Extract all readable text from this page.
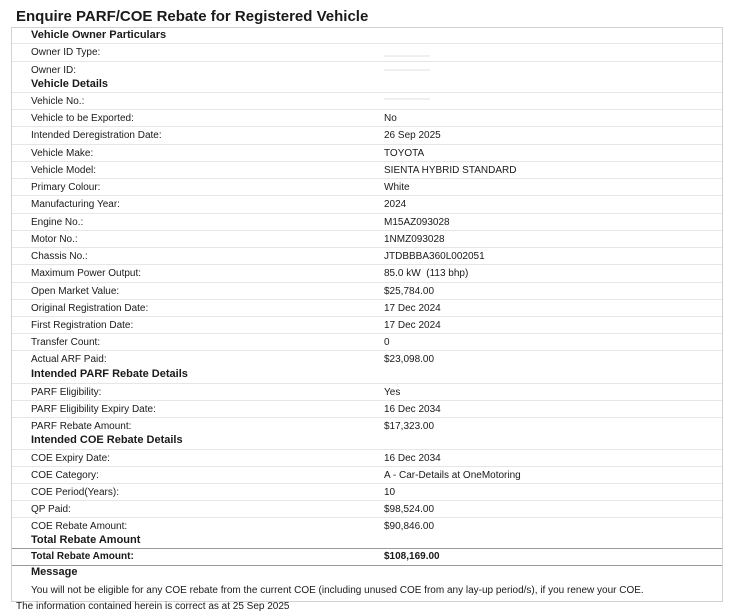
Enquire PARF/COE Rebate for Registered Vehicle
Vehicle Owner Particulars
Owner ID Type:
Owner ID:
Vehicle Details
Vehicle No.:
Vehicle to be Exported:	No
Intended Deregistration Date:	26 Sep 2025
Vehicle Make:	TOYOTA
Vehicle Model:	SIENTA HYBRID STANDARD
Primary Colour:	White
Manufacturing Year:	2024
Engine No.:	M15AZ093028
Motor No.:	1NMZ093028
Chassis No.:	JTDBBBA360L002051
Maximum Power Output:	85.0 kW  (113 bhp)
Open Market Value:	$25,784.00
Original Registration Date:	17 Dec 2024
First Registration Date:	17 Dec 2024
Transfer Count:	0
Actual ARF Paid:	$23,098.00
Intended PARF Rebate Details
PARF Eligibility:	Yes
PARF Eligibility Expiry Date:	16 Dec 2034
PARF Rebate Amount:	$17,323.00
Intended COE Rebate Details
COE Expiry Date:	16 Dec 2034
COE Category:	A - Car-Details at OneMotoring
COE Period(Years):	10
QP Paid:	$98,524.00
COE Rebate Amount:	$90,846.00
Total Rebate Amount
Total Rebate Amount:	$108,169.00
Message
You will not be eligible for any COE rebate from the current COE (including unused COE from any lay-up period/s), if you renew your COE.
The information contained herein is correct as at 25 Sep 2025
